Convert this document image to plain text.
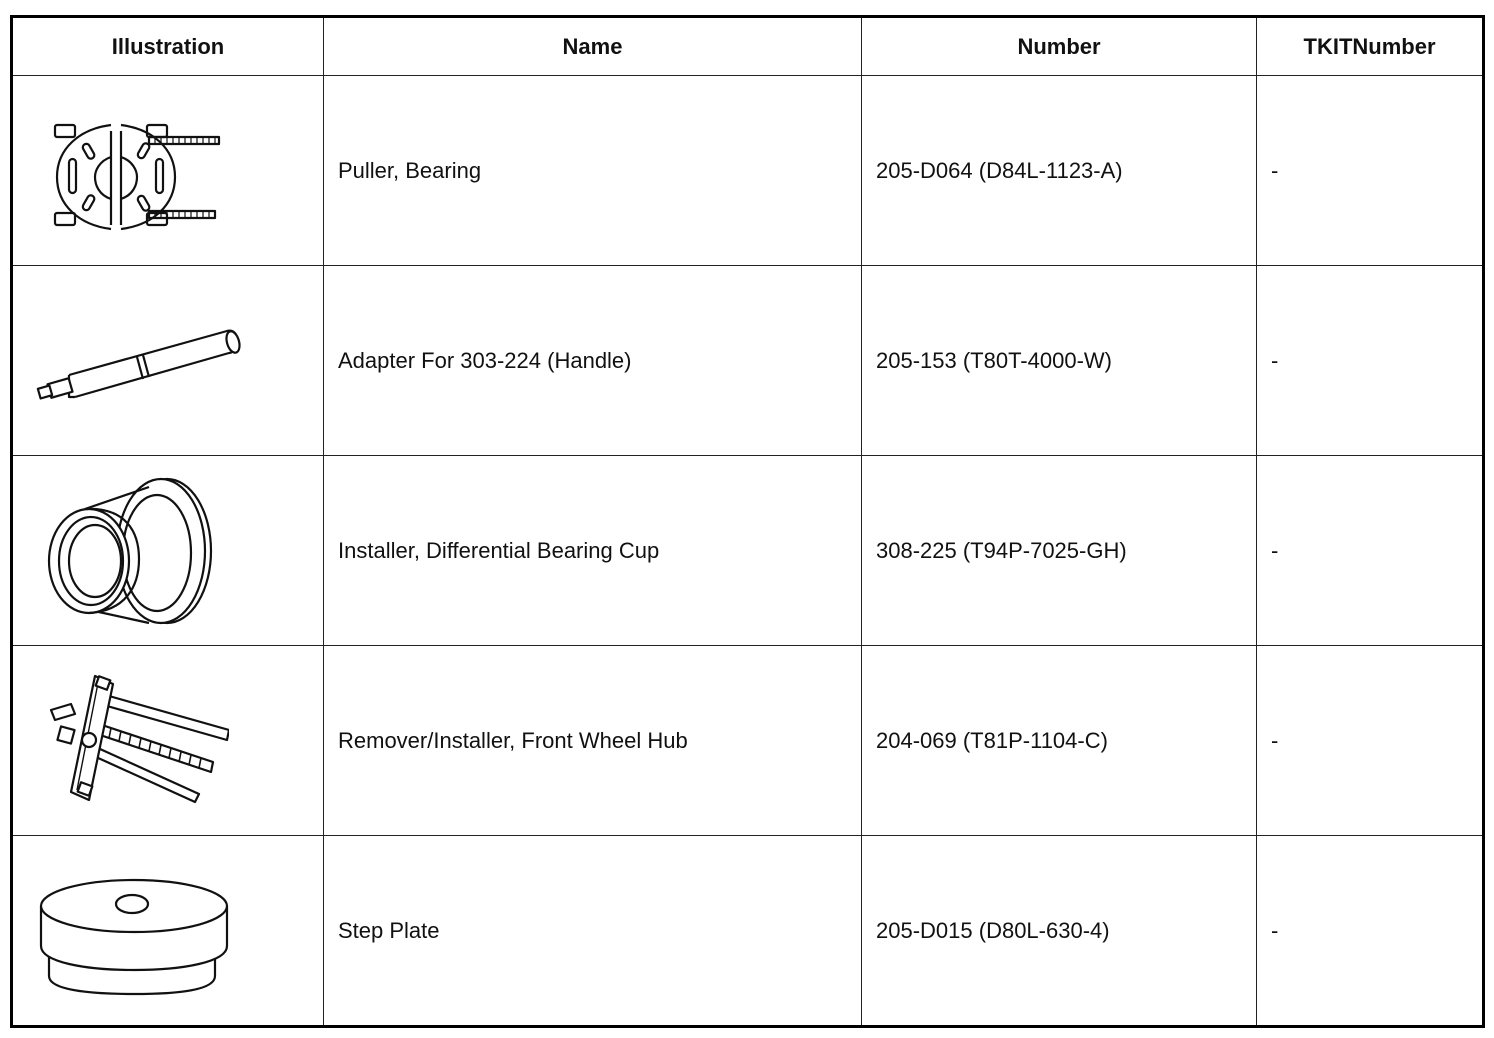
Illustration	Name	Number	TKITNumber

	Puller, Bearing	205-D064 (D84L-1123-A)	-

	Adapter For 303-224 (Handle)	205-153 (T80T-4000-W)	-

	Installer, Differential Bearing Cup	308-225 (T94P-7025-GH)	-

	Remover/Installer, Front Wheel Hub	204-069 (T81P-1104-C)	-

	Step Plate	205-D015 (D80L-630-4)	-
